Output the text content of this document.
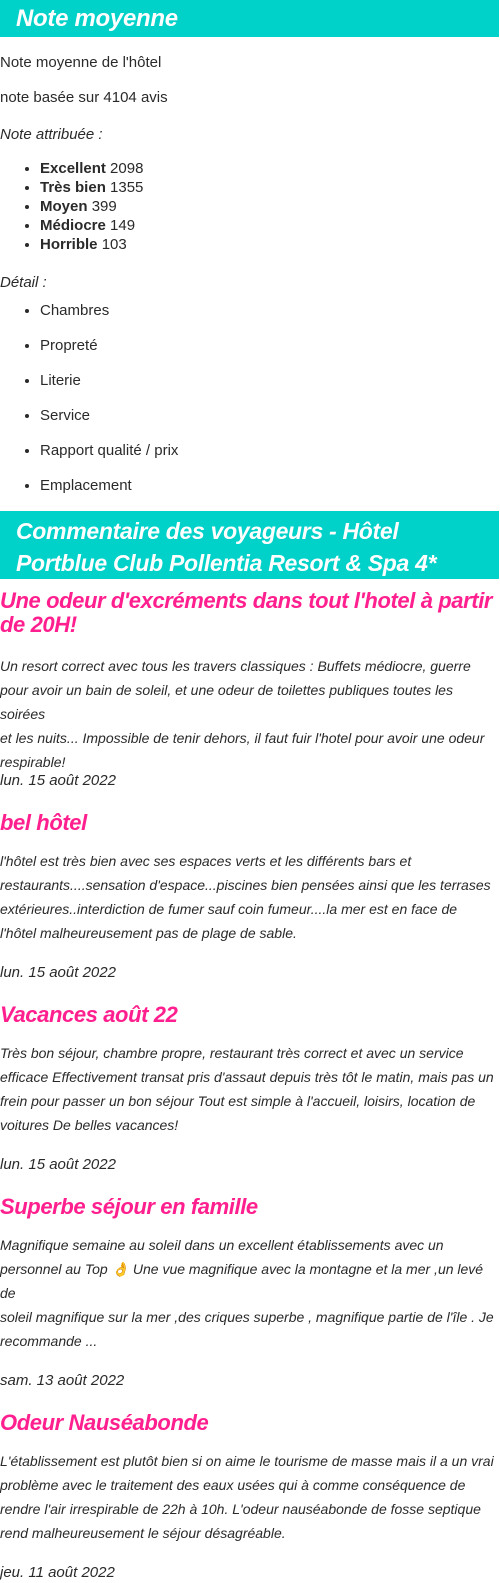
Note moyenne
Note moyenne de l'hôtel
note basée sur 4104 avis
Note attribuée :
• Excellent 2098
• Très bien 1355
• Moyen 399
• Médiocre 149
• Horrible 103
Détail :
• Chambres
• Propreté
• Literie
• Service
• Rapport qualité / prix
• Emplacement
Commentaire des voyageurs - Hôtel
Portblue Club Pollentia Resort & Spa 4*
Une odeur d'excréments dans tout l'hotel à partir
de 20H!

Un resort correct avec tous les travers classiques : Buffets médiocre, guerre
pour avoir un bain de soleil, et une odeur de toilettes publiques toutes les soirées
et les nuits... Impossible de tenir dehors, il faut fuir l'hotel pour avoir une odeur
respirable!

lun. 15 août 2022

bel hôtel

l'hôtel est très bien avec ses espaces verts et les différents bars et
restaurants....sensation d'espace...piscines bien pensées ainsi que les terrases
extérieures..interdiction de fumer sauf coin fumeur....la mer est en face de
l'hôtel malheureusement pas de plage de sable.

lun. 15 août 2022

Vacances août 22

Très bon séjour, chambre propre, restaurant très correct et avec un service
efficace Effectivement transat pris d'assaut depuis très tôt le matin, mais pas un
frein pour passer un bon séjour Tout est simple à l'accueil, loisirs, location de
voitures De belles vacances!

lun. 15 août 2022

Superbe séjour en famille

Magnifique semaine au soleil dans un excellent établissements avec un
personnel au Top 👌 Une vue magnifique avec la montagne et la mer ,un levé de
soleil magnifique sur la mer ,des criques superbe , magnifique partie de l'île . Je
recommande ...

sam. 13 août 2022

Odeur Nauséabonde

L'établissement est plutôt bien si on aime le tourisme de masse mais il a un vrai
problème avec le traitement des eaux usées qui à comme conséquence de
rendre l'air irrespirable de 22h à 10h. L'odeur nauséabonde de fosse septique
rend malheureusement le séjour désagréable.

jeu. 11 août 2022
